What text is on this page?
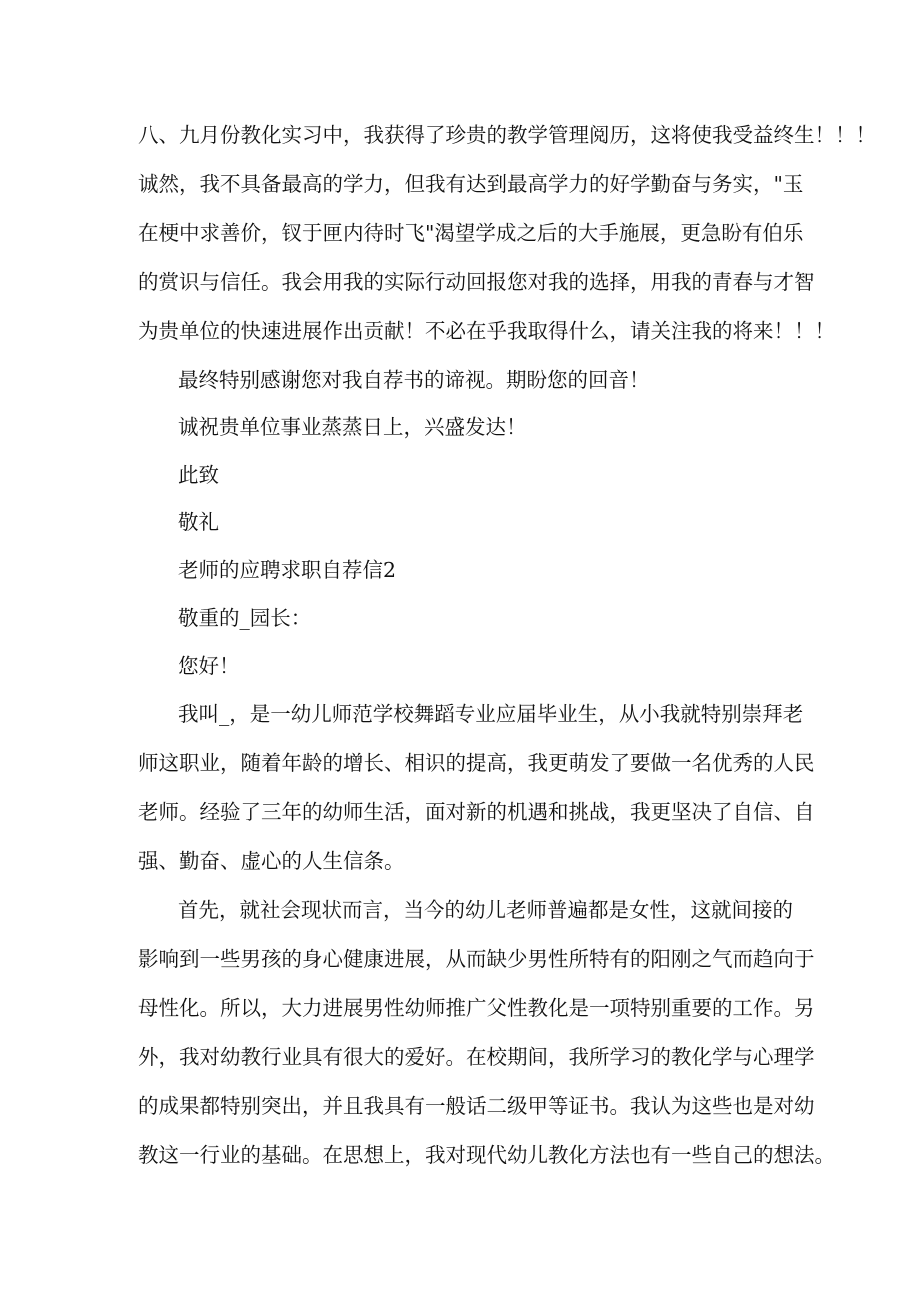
八、九月份教化实习中，我获得了珍贵的教学管理阅历，这将使我受益终生！！！
诚然，我不具备最高的学力，但我有达到最高学力的好学勤奋与务实，"玉
在梗中求善价，钗于匣内待时飞"渴望学成之后的大手施展，更急盼有伯乐
的赏识与信任。我会用我的实际行动回报您对我的选择，用我的青春与才智
为贵单位的快速进展作出贡献！不必在乎我取得什么，请关注我的将来！！！
最终特别感谢您对我自荐书的谛视。期盼您的回音！
诚祝贵单位事业蒸蒸日上，兴盛发达！
此致
敬礼
老师的应聘求职自荐信2
敬重的_园长：
您好！
我叫_，是一幼儿师范学校舞蹈专业应届毕业生，从小我就特别崇拜老
师这职业，随着年龄的增长、相识的提高，我更萌发了要做一名优秀的人民
老师。经验了三年的幼师生活，面对新的机遇和挑战，我更坚决了自信、自
强、勤奋、虚心的人生信条。
首先，就社会现状而言，当今的幼儿老师普遍都是女性，这就间接的
影响到一些男孩的身心健康进展，从而缺少男性所特有的阳刚之气而趋向于
母性化。所以，大力进展男性幼师推广父性教化是一项特别重要的工作。另
外，我对幼教行业具有很大的爱好。在校期间，我所学习的教化学与心理学
的成果都特别突出，并且我具有一般话二级甲等证书。我认为这些也是对幼
教这一行业的基础。在思想上，我对现代幼儿教化方法也有一些自己的想法。
